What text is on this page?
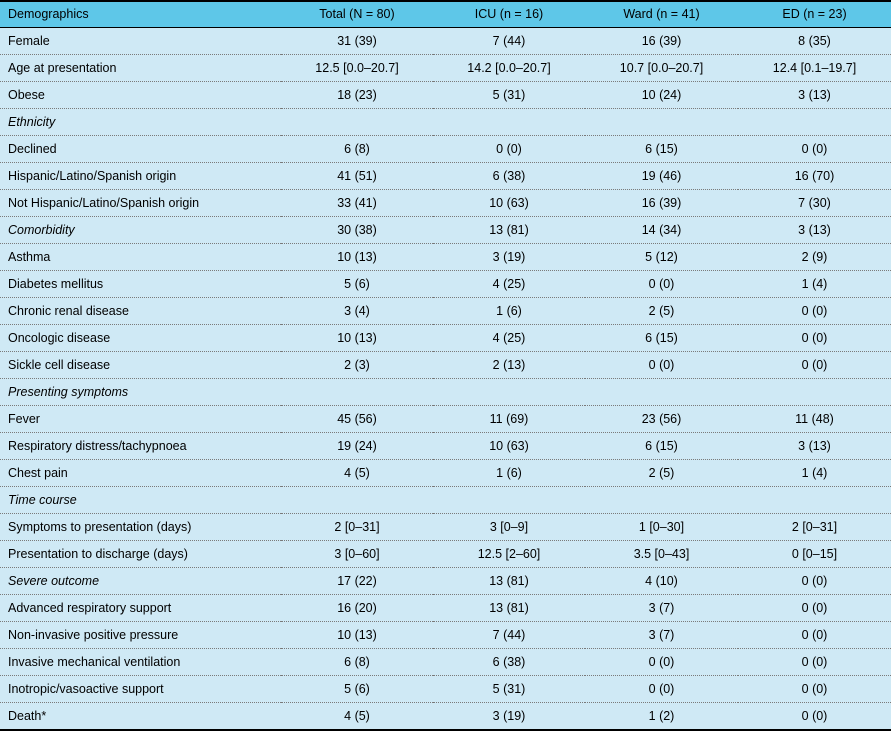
Demographics	Total (N = 80)	ICU (n = 16)	Ward (n = 41)	ED (n = 23)
Female	31 (39)	7 (44)	16 (39)	8 (35)
Age at presentation	12.5 [0.0–20.7]	14.2 [0.0–20.7]	10.7 [0.0–20.7]	12.4 [0.1–19.7]
Obese	18 (23)	5 (31)	10 (24)	3 (13)
Ethnicity				
Declined	6 (8)	0 (0)	6 (15)	0 (0)
Hispanic/Latino/Spanish origin	41 (51)	6 (38)	19 (46)	16 (70)
Not Hispanic/Latino/Spanish origin	33 (41)	10 (63)	16 (39)	7 (30)
Comorbidity	30 (38)	13 (81)	14 (34)	3 (13)
Asthma	10 (13)	3 (19)	5 (12)	2 (9)
Diabetes mellitus	5 (6)	4 (25)	0 (0)	1 (4)
Chronic renal disease	3 (4)	1 (6)	2 (5)	0 (0)
Oncologic disease	10 (13)	4 (25)	6 (15)	0 (0)
Sickle cell disease	2 (3)	2 (13)	0 (0)	0 (0)
Presenting symptoms				
Fever	45 (56)	11 (69)	23 (56)	11 (48)
Respiratory distress/tachypnoea	19 (24)	10 (63)	6 (15)	3 (13)
Chest pain	4 (5)	1 (6)	2 (5)	1 (4)
Time course				
Symptoms to presentation (days)	2 [0–31]	3 [0–9]	1 [0–30]	2 [0–31]
Presentation to discharge (days)	3 [0–60]	12.5 [2–60]	3.5 [0–43]	0 [0–15]
Severe outcome	17 (22)	13 (81)	4 (10)	0 (0)
Advanced respiratory support	16 (20)	13 (81)	3 (7)	0 (0)
Non-invasive positive pressure	10 (13)	7 (44)	3 (7)	0 (0)
Invasive mechanical ventilation	6 (8)	6 (38)	0 (0)	0 (0)
Inotropic/vasoactive support	5 (6)	5 (31)	0 (0)	0 (0)
Death*	4 (5)	3 (19)	1 (2)	0 (0)
